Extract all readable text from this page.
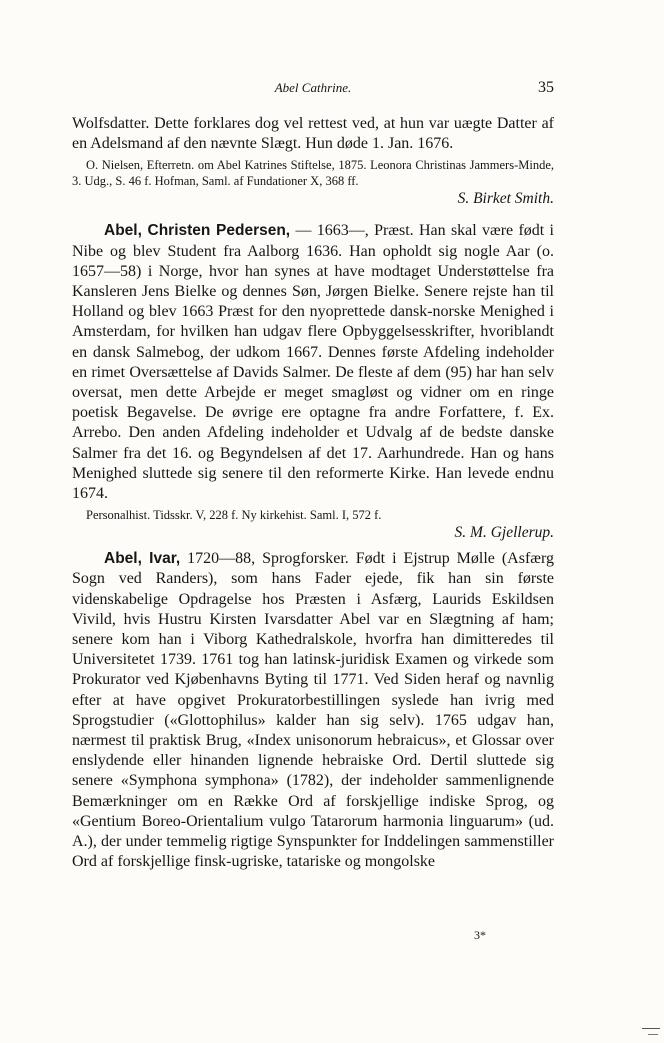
Abel Cathrine.	35

Wolfsdatter. Dette forklares dog vel rettest ved, at hun var uægte Datter af en Adelsmand af den nævnte Slægt. Hun døde 1. Jan. 1676.

O. Nielsen, Efterretn. om Abel Katrines Stiftelse, 1875. Leonora Christinas Jammers-Minde, 3. Udg., S. 46 f. Hofman, Saml. af Fundationer X, 368 ff.

S. Birket Smith.

Abel, Christen Pedersen, — 1663—, Præst. Han skal være født i Nibe og blev Student fra Aalborg 1636. Han opholdt sig nogle Aar (o. 1657—58) i Norge, hvor han synes at have modtaget Understøttelse fra Kansleren Jens Bielke og dennes Søn, Jørgen Bielke. Senere rejste han til Holland og blev 1663 Præst for den nyoprettede dansk-norske Menighed i Amsterdam, for hvilken han udgav flere Opbyggelsesskrifter, hvoriblandt en dansk Salmebog, der udkom 1667. Dennes første Afdeling indeholder en rimet Oversættelse af Davids Salmer. De fleste af dem (95) har han selv oversat, men dette Arbejde er meget smagløst og vidner om en ringe poetisk Begavelse. De øvrige ere optagne fra andre Forfattere, f. Ex. Arrebo. Den anden Afdeling indeholder et Udvalg af de bedste danske Salmer fra det 16. og Begyndelsen af det 17. Aarhundrede. Han og hans Menighed sluttede sig senere til den reformerte Kirke. Han levede endnu 1674.

Personalhist. Tidsskr. V, 228 f. Ny kirkehist. Saml. I, 572 f.

S. M. Gjellerup.

Abel, Ivar, 1720—88, Sprogforsker. Født i Ejstrup Mølle (Asfærg Sogn ved Randers), som hans Fader ejede, fik han sin første videnskabelige Opdragelse hos Præsten i Asfærg, Laurids Eskildsen Vivild, hvis Hustru Kirsten Ivarsdatter Abel var en Slægtning af ham; senere kom han i Viborg Kathedralskole, hvorfra han dimitteredes til Universitetet 1739. 1761 tog han latinsk-juridisk Examen og virkede som Prokurator ved Kjøbenhavns Byting til 1771. Ved Siden heraf og navnlig efter at have opgivet Prokuratorbestillingen syslede han ivrig med Sprogstudier («Glottophilus» kalder han sig selv). 1765 udgav han, nærmest til praktisk Brug, «Index unisonorum hebraicus», et Glossar over enslydende eller hinanden lignende hebraiske Ord. Dertil sluttede sig senere «Symphona symphona» (1782), der indeholder sammenlignende Bemærkninger om en Række Ord af forskjellige indiske Sprog, og «Gentium Boreo-Orientalium vulgo Tatarorum harmonia linguarum» (ud. A.), der under temmelig rigtige Synspunkter for Inddelingen sammenstiller Ord af forskjellige finsk-ugriske, tatariske og mongolske

3*
